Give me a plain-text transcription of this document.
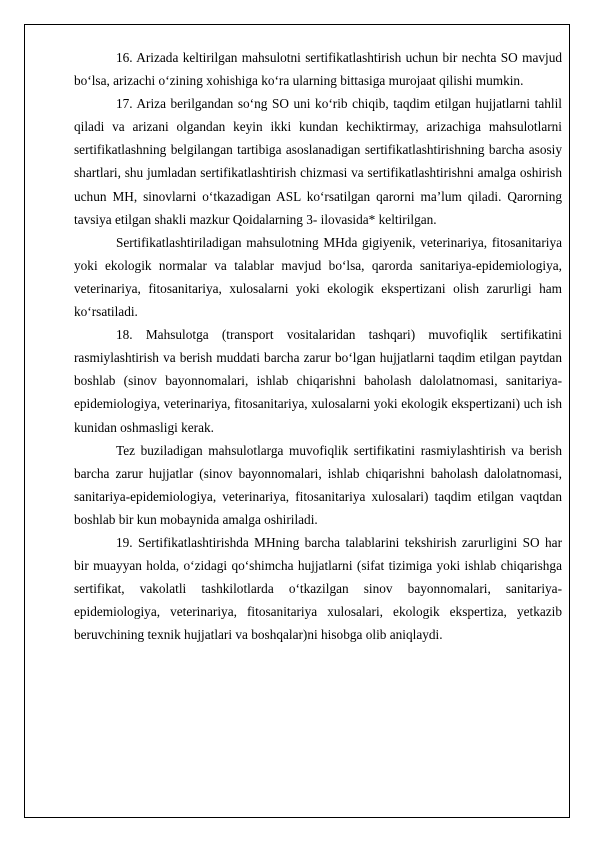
16. Arizada keltirilgan mahsulotni sertifikatlashtirish uchun bir nechta SO mavjud bo‘lsa, arizachi o‘zining xohishiga ko‘ra ularning bittasiga murojaat qilishi mumkin.

17. Ariza berilgandan so‘ng SO uni ko‘rib chiqib, taqdim etilgan hujjatlarni tahlil qiladi va arizani olgandan keyin ikki kundan kechiktirmay, arizachiga mahsulotlarni sertifikatlashning belgilangan tartibiga asoslanadigan sertifikatlashtirishning barcha asosiy shartlari, shu jumladan sertifikatlashtirish chizmasi va sertifikatlashtirishni amalga oshirish uchun MH, sinovlarni o‘tkazadigan ASL ko‘rsatilgan qarorni ma’lum qiladi. Qarorning tavsiya etilgan shakli mazkur Qoidalarning 3- ilovasida* keltirilgan.

Sertifikatlashtiriladigan mahsulotning MHda gigiyenik, veterinariya, fitosanitariya yoki ekologik normalar va talablar mavjud bo‘lsa, qarorda sanitariya-epidemiologiya, veterinariya, fitosanitariya, xulosalarni yoki ekologik ekspertizani olish zarurligi ham ko‘rsatiladi.

18. Mahsulotga (transport vositalaridan tashqari) muvofiqlik sertifikatini rasmiylashtirish va berish muddati barcha zarur bo‘lgan hujjatlarni taqdim etilgan paytdan boshlab (sinov bayonnomalari, ishlab chiqarishni baholash dalolatnomasi, sanitariya-epidemiologiya, veterinariya, fitosanitariya, xulosalarni yoki ekologik ekspertizani) uch ish kunidan oshmasligi kerak.

Tez buziladigan mahsulotlarga muvofiqlik sertifikatini rasmiylashtirish va berish barcha zarur hujjatlar (sinov bayonnomalari, ishlab chiqarishni baholash dalolatnomasi, sanitariya-epidemiologiya, veterinariya, fitosanitariya xulosalari) taqdim etilgan vaqtdan boshlab bir kun mobaynida amalga oshiriladi.

19. Sertifikatlashtirishda MHning barcha talablarini tekshirish zarurligini SO har bir muayyan holda, o‘zidagi qo‘shimcha hujjatlarni (sifat tizimiga yoki ishlab chiqarishga sertifikat, vakolatli tashkilotlarda o‘tkazilgan sinov bayonnomalari, sanitariya-epidemiologiya, veterinariya, fitosanitariya xulosalari, ekologik ekspertiza, yetkazib beruvchining texnik hujjatlari va boshqalar)ni hisobga olib aniqlaydi.
